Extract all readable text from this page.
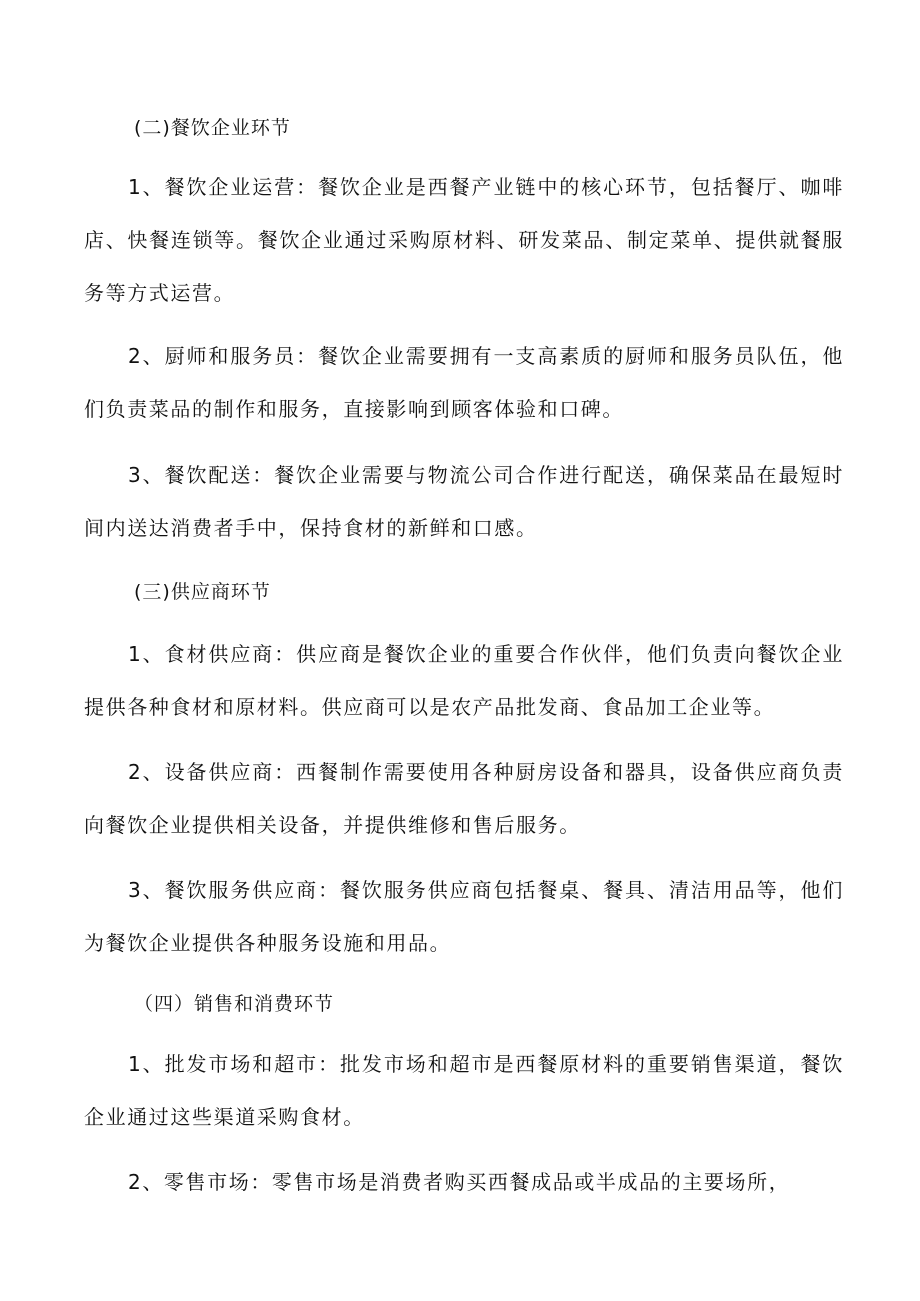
(二)餐饮企业环节
1、餐饮企业运营：餐饮企业是西餐产业链中的核心环节，包括餐厅、咖啡店、快餐连锁等。餐饮企业通过采购原材料、研发菜品、制定菜单、提供就餐服务等方式运营。
2、厨师和服务员：餐饮企业需要拥有一支高素质的厨师和服务员队伍，他们负责菜品的制作和服务，直接影响到顾客体验和口碑。
3、餐饮配送：餐饮企业需要与物流公司合作进行配送，确保菜品在最短时间内送达消费者手中，保持食材的新鲜和口感。
(三)供应商环节
1、食材供应商：供应商是餐饮企业的重要合作伙伴，他们负责向餐饮企业提供各种食材和原材料。供应商可以是农产品批发商、食品加工企业等。
2、设备供应商：西餐制作需要使用各种厨房设备和器具，设备供应商负责向餐饮企业提供相关设备，并提供维修和售后服务。
3、餐饮服务供应商：餐饮服务供应商包括餐桌、餐具、清洁用品等，他们为餐饮企业提供各种服务设施和用品。
（四）销售和消费环节
1、批发市场和超市：批发市场和超市是西餐原材料的重要销售渠道，餐饮企业通过这些渠道采购食材。
2、零售市场：零售市场是消费者购买西餐成品或半成品的主要场所，
